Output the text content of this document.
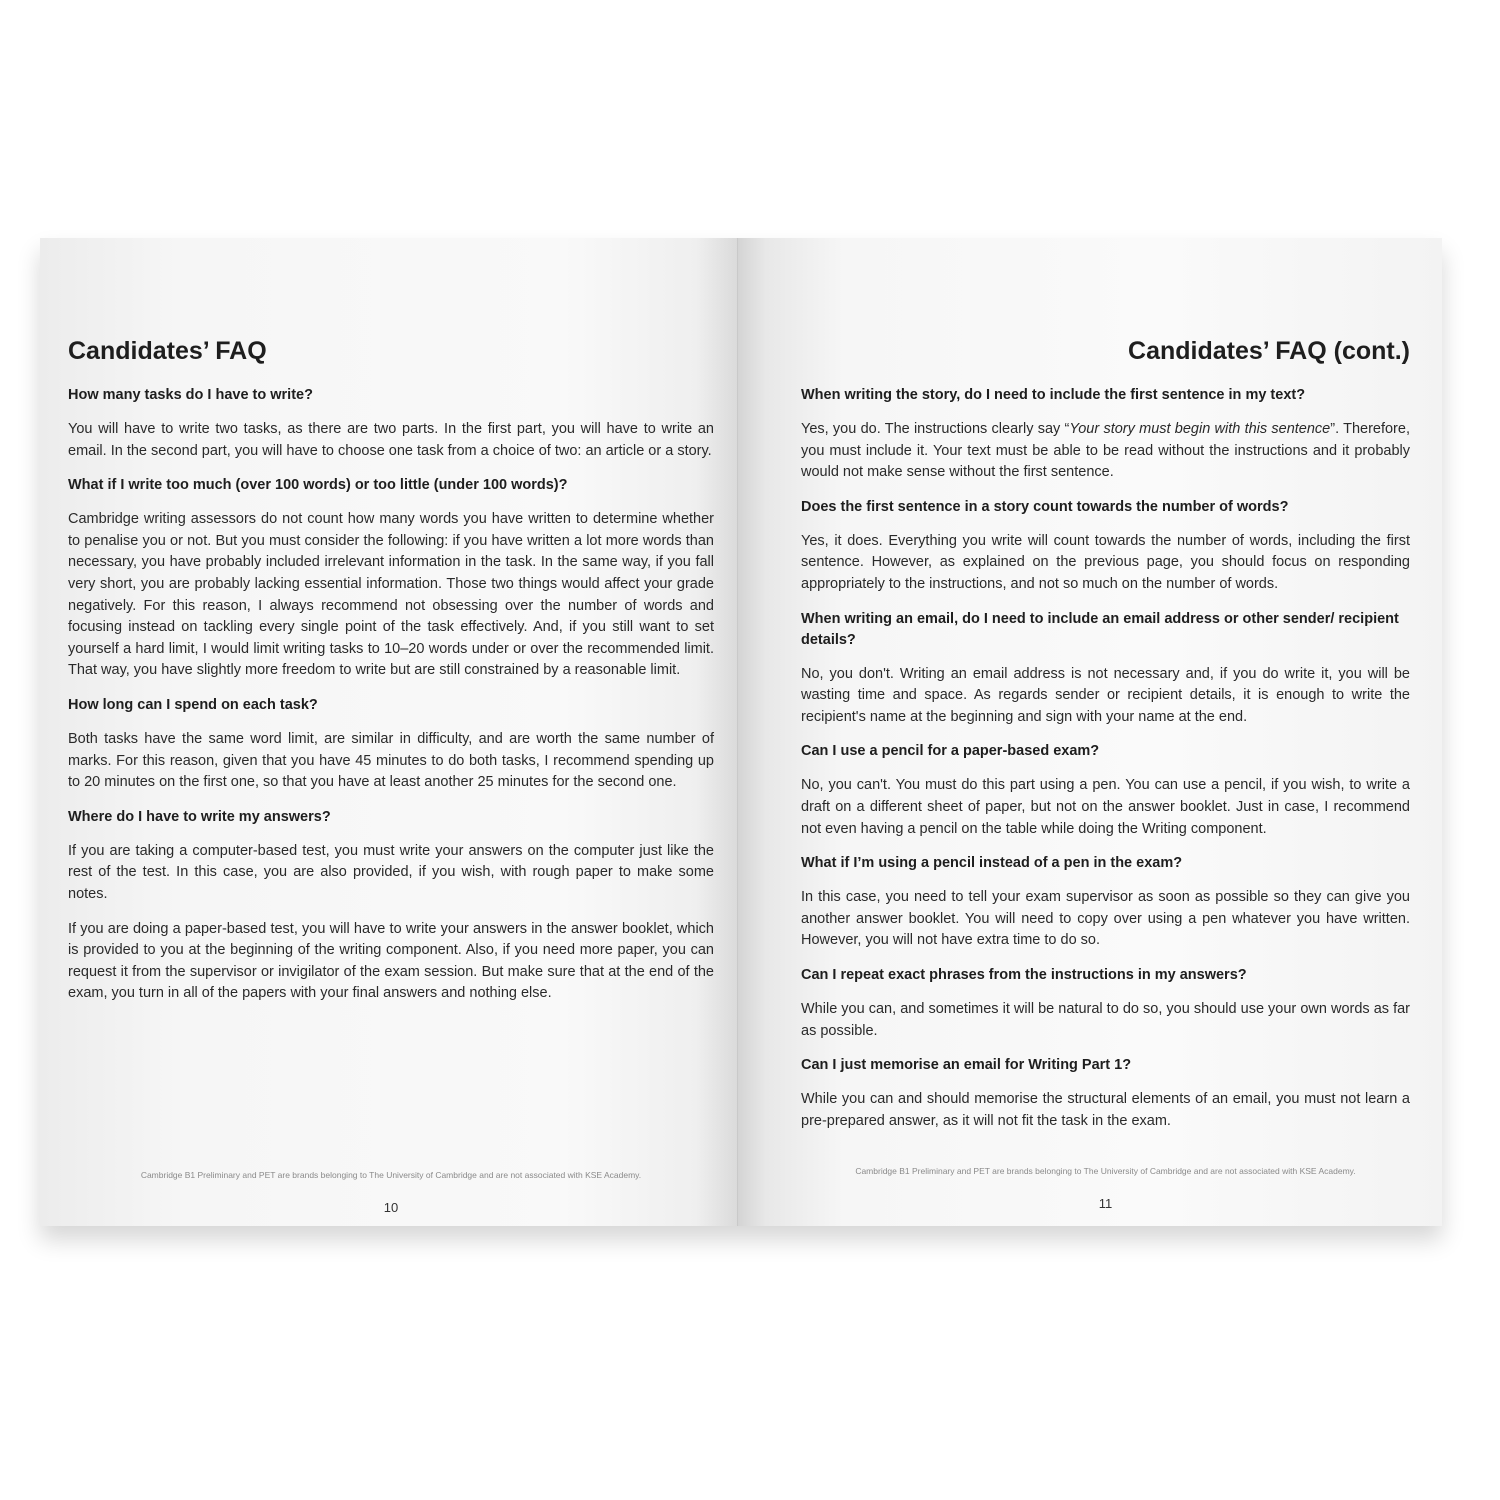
Candidates’ FAQ

How many tasks do I have to write?

You will have to write two tasks, as there are two parts. In the first part, you will have to write an email. In the second part, you will have to choose one task from a choice of two: an article or a story.

What if I write too much (over 100 words) or too little (under 100 words)?

Cambridge writing assessors do not count how many words you have written to determine whether to penalise you or not. But you must consider the following: if you have written a lot more words than necessary, you have probably included irrelevant information in the task. In the same way, if you fall very short, you are probably lacking essential information. Those two things would affect your grade negatively. For this reason, I always recommend not obsessing over the number of words and focusing instead on tackling every single point of the task effectively. And, if you still want to set yourself a hard limit, I would limit writing tasks to 10–20 words under or over the recommended limit. That way, you have slightly more freedom to write but are still constrained by a reasonable limit.

How long can I spend on each task?

Both tasks have the same word limit, are similar in difficulty, and are worth the same number of marks. For this reason, given that you have 45 minutes to do both tasks, I recommend spending up to 20 minutes on the first one, so that you have at least another 25 minutes for the second one.

Where do I have to write my answers?

If you are taking a computer-based test, you must write your answers on the computer just like the rest of the test. In this case, you are also provided, if you wish, with rough paper to make some notes.

If you are doing a paper-based test, you will have to write your answers in the answer booklet, which is provided to you at the beginning of the writing component. Also, if you need more paper, you can request it from the supervisor or invigilator of the exam session. But make sure that at the end of the exam, you turn in all of the papers with your final answers and nothing else.

Cambridge B1 Preliminary and PET are brands belonging to The University of Cambridge and are not associated with KSE Academy.
10
Candidates’ FAQ (cont.)

When writing the story, do I need to include the first sentence in my text?

Yes, you do. The instructions clearly say “Your story must begin with this sentence”. Therefore, you must include it. Your text must be able to be read without the instructions and it probably would not make sense without the first sentence.

Does the first sentence in a story count towards the number of words?

Yes, it does. Everything you write will count towards the number of words, including the first sentence. However, as explained on the previous page, you should focus on responding appropriately to the instructions, and not so much on the number of words.

When writing an email, do I need to include an email address or other sender/ recipient details?

No, you don't. Writing an email address is not necessary and, if you do write it, you will be wasting time and space. As regards sender or recipient details, it is enough to write the recipient's name at the beginning and sign with your name at the end.

Can I use a pencil for a paper-based exam?

No, you can't. You must do this part using a pen. You can use a pencil, if you wish, to write a draft on a different sheet of paper, but not on the answer booklet. Just in case, I recommend not even having a pencil on the table while doing the Writing component.

What if I’m using a pencil instead of a pen in the exam?

In this case, you need to tell your exam supervisor as soon as possible so they can give you another answer booklet. You will need to copy over using a pen whatever you have written. However, you will not have extra time to do so.

Can I repeat exact phrases from the instructions in my answers?

While you can, and sometimes it will be natural to do so, you should use your own words as far as possible.

Can I just memorise an email for Writing Part 1?

While you can and should memorise the structural elements of an email, you must not learn a pre-prepared answer, as it will not fit the task in the exam.

Cambridge B1 Preliminary and PET are brands belonging to The University of Cambridge and are not associated with KSE Academy.
11
